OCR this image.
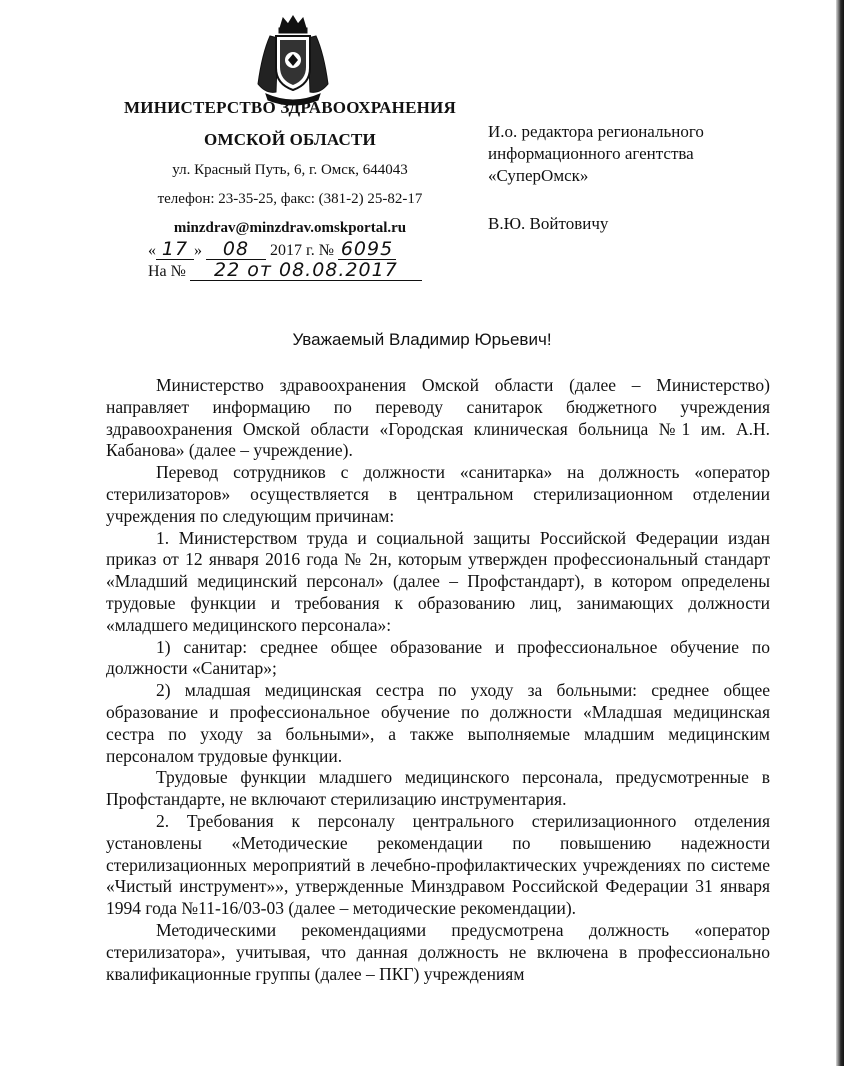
МИНИСТЕРСТВО ЗДРАВООХРАНЕНИЯ
ОМСКОЙ ОБЛАСТИ
ул. Красный Путь, 6, г. Омск, 644043
телефон: 23-35-25, факс: (381-2) 25-82-17
minzdrav@minzdrav.omskportal.ru
« 17 » 08 2017 г. № 6095
На № 22 от 08.08.2017
И.о. редактора регионального
информационного агентства
«СуперОмск»
В.Ю. Войтовичу
Уважаемый Владимир Юрьевич!

Министерство здравоохранения Омской области (далее – Министерство) направляет информацию по переводу санитарок бюджетного учреждения здравоохранения Омской области «Городская клиническая больница №1 им. А.Н. Кабанова» (далее – учреждение).

Перевод сотрудников с должности «санитарка» на должность «оператор стерилизаторов» осуществляется в центральном стерилизационном отделении учреждения по следующим причинам:

1. Министерством труда и социальной защиты Российской Федерации издан приказ от 12 января 2016 года № 2н, которым утвержден профессиональный стандарт «Младший медицинский персонал» (далее – Профстандарт), в котором определены трудовые функции и требования к образованию лиц, занимающих должности «младшего медицинского персонала»:

1) санитар: среднее общее образование и профессиональное обучение по должности «Санитар»;

2) младшая медицинская сестра по уходу за больными: среднее общее образование и профессиональное обучение по должности «Младшая медицинская сестра по уходу за больными», а также выполняемые младшим медицинским персоналом трудовые функции.

Трудовые функции младшего медицинского персонала, предусмотренные в Профстандарте, не включают стерилизацию инструментария.

2. Требования к персоналу центрального стерилизационного отделения установлены «Методические рекомендации по повышению надежности стерилизационных мероприятий в лечебно-профилактических учреждениях по системе «Чистый инструмент»», утвержденные Минздравом Российской Федерации 31 января 1994 года №11-16/03-03 (далее – методические рекомендации).

Методическими рекомендациями предусмотрена должность «оператор стерилизатора», учитывая, что данная должность не включена в профессионально квалификационные группы (далее – ПКГ) учреждениям
